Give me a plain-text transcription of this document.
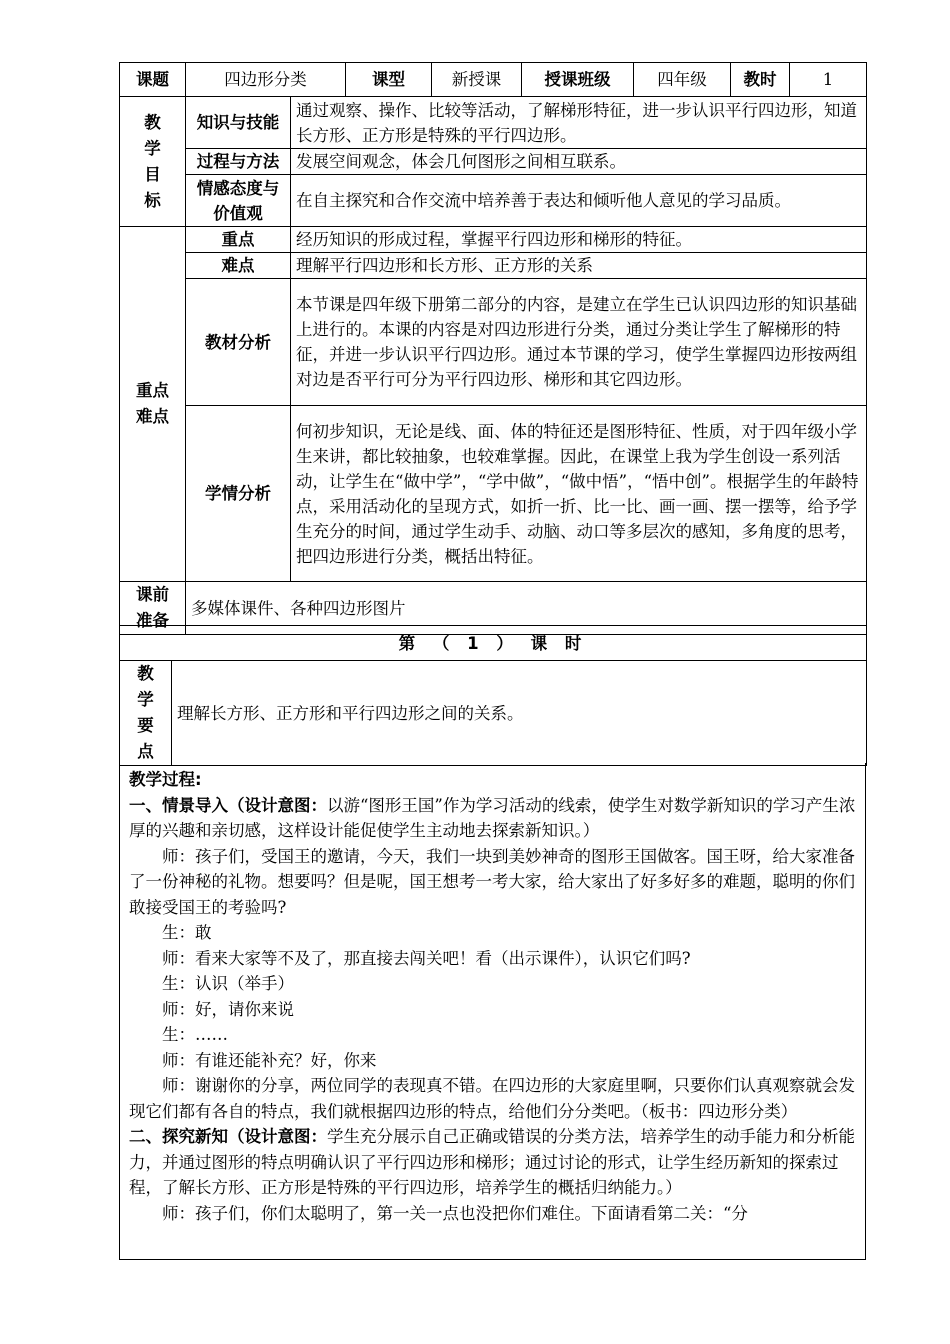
课题	四边形分类		课型	新授课	授课班级	四年级	教时	1

教
学
目
标	知识与技能	通过观察、操作、比较等活动，了解梯形特征，进一步认识平行四边形，知道长方形、正方形是特殊的平行四边形。						
	过程与方法	发展空间观念，体会几何图形之间相互联系。						

	情感态度与
价值观	在自主探究和合作交流中培养善于表达和倾听他人意见的学习品质。						

重点
难点	重点	经历知识的形成过程，掌握平行四边形和梯形的特征。						
	难点	理解平行四边形和长方形、正方形的关系						
	教材分析	本节课是四年级下册第二部分的内容，是建立在学生已认识四边形的知识基础上进行的。本课的内容是对四边形进行分类，通过分类让学生了解梯形的特征，并进一步认识平行四边形。通过本节课的学习，使学生掌握四边形按两组对边是否平行可分为平行四边形、梯形和其它四边形。						
	学情分析	何初步知识，无论是线、面、体的特征还是图形特征、性质，对于四年级小学生来讲，都比较抽象，也较难掌握。因此，在课堂上我为学生创设一系列活动，让学生在“做中学”，“学中做”，“做中悟”，“悟中创”。根据学生的年龄特点，采用活动化的呈现方式，如折一折、比一比、画一画、摆一摆等，给予学生充分的时间，通过学生动手、动脑、动口等多层次的感知，多角度的思考，把四边形进行分类，概括出特征。						

课前
准备	多媒体课件、各种四边形图片							
第 （ 1 ） 课 时

教
学
要
点
	理解长方形、正方形和平行四边形之间的关系。

教学过程:

一、情景导入（设计意图：以游“图形王国”作为学习活动的线索，使学生对数学新知识的学习产生浓厚的兴趣和亲切感，这样设计能促使学生主动地去探索新知识。）

师：孩子们，受国王的邀请，今天，我们一块到美妙神奇的图形王国做客。国王呀，给大家准备了一份神秘的礼物。想要吗？但是呢，国王想考一考大家，给大家出了好多好多的难题，聪明的你们敢接受国王的考验吗?

生：敢

师：看来大家等不及了，那直接去闯关吧！看（出示课件），认识它们吗?

生：认识（举手）

师：好，请你来说

生：……

师：有谁还能补充？好，你来

师：谢谢你的分享，两位同学的表现真不错。在四边形的大家庭里啊，只要你们认真观察就会发现它们都有各自的特点，我们就根据四边形的特点，给他们分分类吧。（板书：四边形分类）

二、探究新知（设计意图：学生充分展示自己正确或错误的分类方法，培养学生的动手能力和分析能力，并通过图形的特点明确认识了平行四边形和梯形；通过讨论的形式，让学生经历新知的探索过程，了解长方形、正方形是特殊的平行四边形，培养学生的概括归纳能力。）

师：孩子们，你们太聪明了，第一关一点也没把你们难住。下面请看第二关：“分
